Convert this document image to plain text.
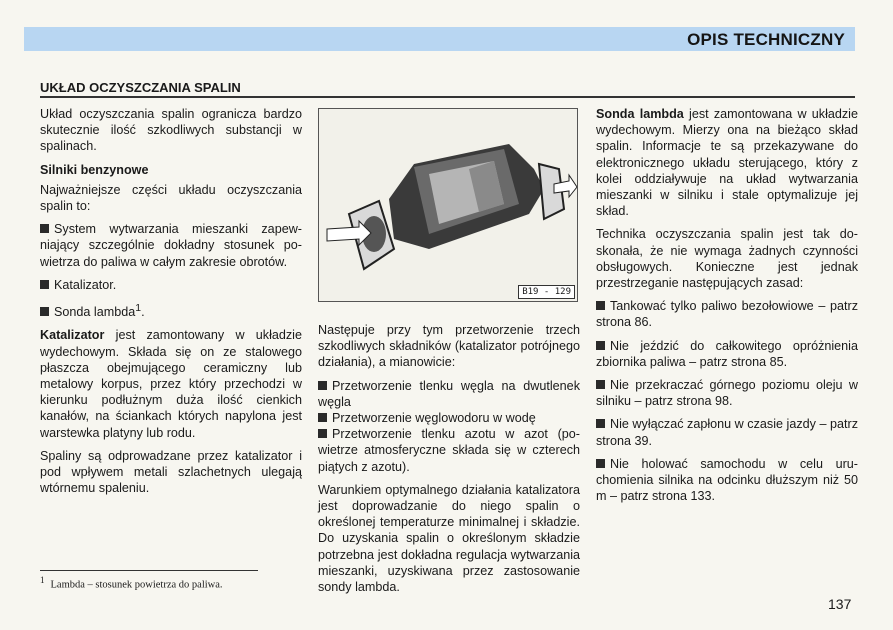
OPIS TECHNICZNY
UKŁAD OCZYSZCZANIA SPALIN

Układ oczyszczania spalin ogranicza bardzo skutecznie ilość szkodliwych substancji w spalinach.

Silniki benzynowe

Najważniejsze części układu oczyszczania spalin to:

System wytwarzania mieszanki zapewniający szczególnie dokładny stosunek powietrza do paliwa w całym zakresie obrotów.

Katalizator.

Sonda lambda$^1$.

Katalizator jest zamontowany w układzie wydechowym. Składa się on ze stalowego płaszcza obejmującego ceramiczny lub metalowy korpus, przez który przechodzi w kierunku podłużnym duża ilość cienkich kanałów, na ściankach których napylona jest warstewka platyny lub rodu.

Spaliny są odprowadzane przez katalizator i pod wpływem metali szlachetnych ulegają wtórnemu spaleniu.

B19 - 129

Następuje przy tym przetworzenie trzech szkodliwych składników (katalizator potrójnego działania), a mianowicie:

Przetworzenie tlenku węgla na dwutlenek węgla

Przetworzenie węglowodoru w wodę

Przetworzenie tlenku azotu w azot (powietrze atmosferyczne składa się w czterech piątych z azotu).

Warunkiem optymalnego działania katalizatora jest doprowadzanie do niego spalin o określonej temperaturze minimalnej i składzie. Do uzyskania spalin o określonym składzie potrzebna jest dokładna regulacja wytwarzania mieszanki, uzyskiwana przez zastosowanie sondy lambda.

Sonda lambda jest zamontowana w układzie wydechowym. Mierzy ona na bieżąco skład spalin. Informacje te są przekazywane do elektronicznego układu sterującego, który z kolei oddziaływuje na układ wytwarzania mieszanki w silniku i stale optymalizuje jej skład.

Technika oczyszczania spalin jest tak doskonała, że nie wymaga żadnych czynności obsługowych. Konieczne jest jednak przestrzeganie następujących zasad:

Tankować tylko paliwo bezołowiowe – patrz strona 86.

Nie jeździć do całkowitego opróżnienia zbiornika paliwa – patrz strona 85.

Nie przekraczać górnego poziomu oleju w silniku – patrz strona 98.

Nie wyłączać zapłonu w czasie jazdy – patrz strona 39.

Nie holować samochodu w celu uruchomienia silnika na odcinku dłuższym niż 50 m – patrz strona 133.

$^1$ Lambda – stosunek powietrza do paliwa.
137
